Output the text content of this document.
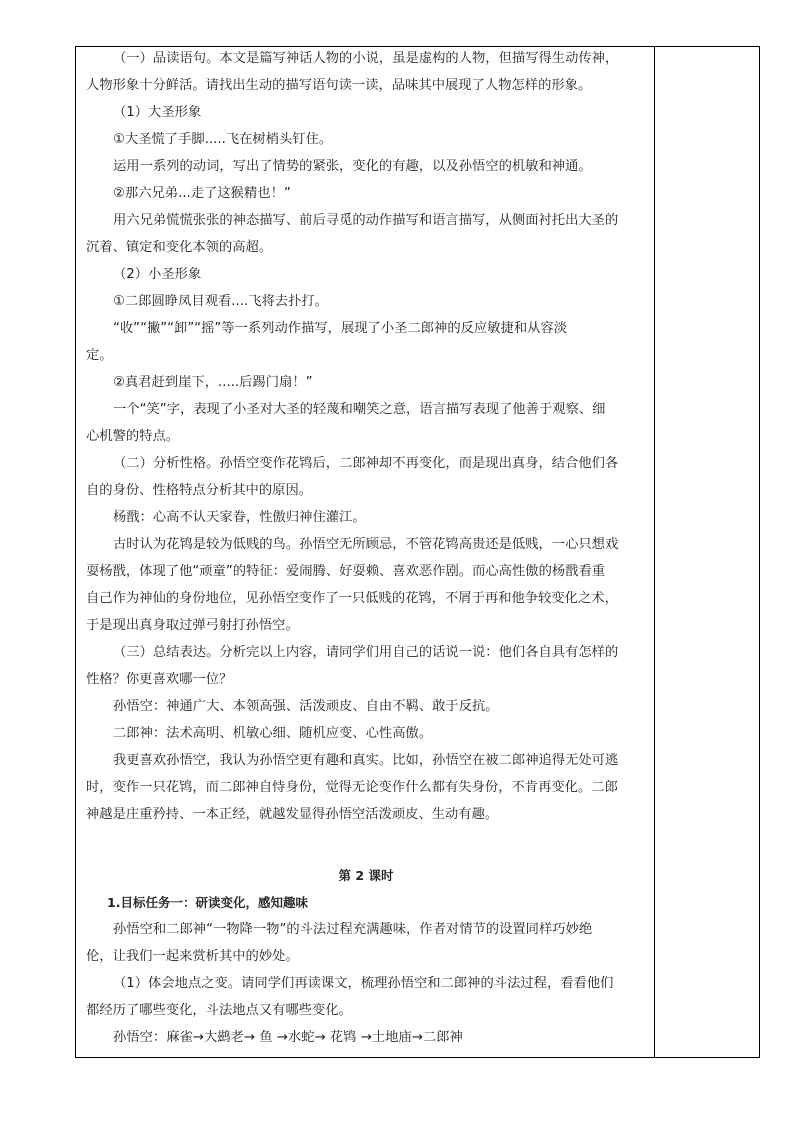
（一）品读语句。本文是篇写神话人物的小说，虽是虚构的人物，但描写得生动传神，
人物形象十分鲜活。请找出生动的描写语句读一读，品味其中展现了人物怎样的形象。
（1）大圣形象
①大圣慌了手脚.....飞在树梢头钉住。
运用一系列的动词，写出了情势的紧张，变化的有趣，以及孙悟空的机敏和神通。
②那六兄弟...走了这猴精也！”
用六兄弟慌慌张张的神态描写、前后寻觅的动作描写和语言描写，从侧面衬托出大圣的
沉着、镇定和变化本领的高超。
（2）小圣形象
①二郎圆睁凤目观看....飞将去扑打。
“收”“撇”“卸”“摇”等一系列动作描写，展现了小圣二郎神的反应敏捷和从容淡
定。
②真君赶到崖下，.....后踢门扇！”
一个“笑”字，表现了小圣对大圣的轻蔑和嘲笑之意，语言描写表现了他善于观察、细
心机警的特点。
（二）分析性格。孙悟空变作花鸨后，二郎神却不再变化，而是现出真身，结合他们各
自的身份、性格特点分析其中的原因。
杨戬：心高不认天家眷，性傲归神住灌江。
古时认为花鸨是较为低贱的鸟。孙悟空无所顾忌，不管花鸨高贵还是低贱，一心只想戏
耍杨戬，体现了他“顽童”的特征：爱闹腾、好耍赖、喜欢恶作剧。而心高性傲的杨戬看重
自己作为神仙的身份地位，见孙悟空变作了一只低贱的花鸨，不屑于再和他争较变化之术，
于是现出真身取过弹弓射打孙悟空。
（三）总结表达。分析完以上内容，请同学们用自己的话说一说：他们各自具有怎样的
性格？你更喜欢哪一位？
孙悟空：神通广大、本领高强、活泼顽皮、自由不羁、敢于反抗。
二郎神：法术高明、机敏心细、随机应变、心性高傲。
我更喜欢孙悟空，我认为孙悟空更有趣和真实。比如，孙悟空在被二郎神追得无处可逃
时，变作一只花鸨，而二郎神自恃身份，觉得无论变作什么都有失身份，不肯再变化。二郎
神越是庄重矜持、一本正经，就越发显得孙悟空活泼顽皮、生动有趣。
第 2 课时
1.目标任务一：研读变化，感知趣味
孙悟空和二郎神“一物降一物”的斗法过程充满趣味，作者对情节的设置同样巧妙绝
伦，让我们一起来赏析其中的妙处。
（1）体会地点之变。请同学们再读课文，梳理孙悟空和二郎神的斗法过程，看看他们
都经历了哪些变化，斗法地点又有哪些变化。
孙悟空：麻雀→大鹚老→ 鱼 →水蛇→ 花鸨 →土地庙→二郎神
